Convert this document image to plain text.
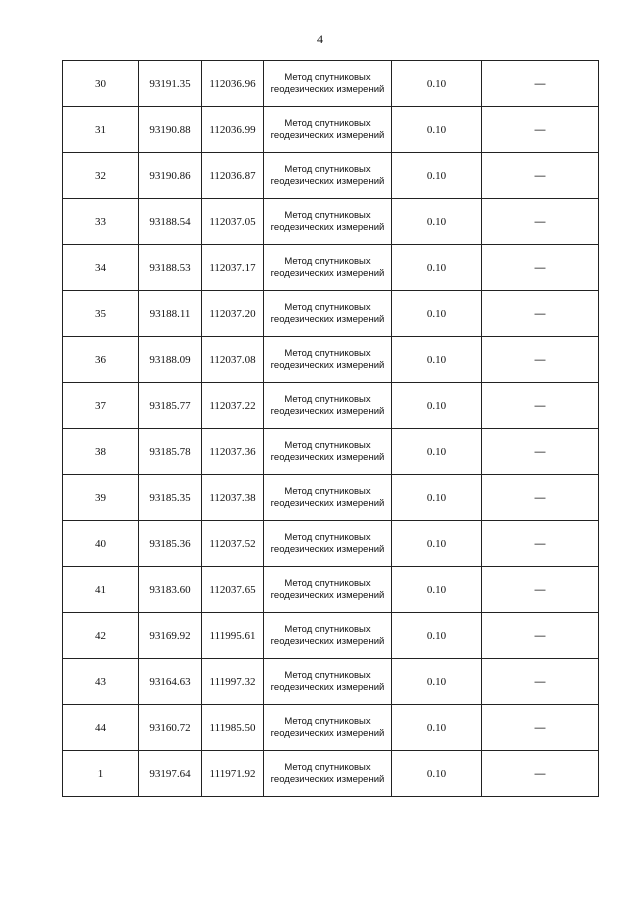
4
30	93191.35	112036.96	Метод спутниковых
геодезических измерений	0.10	—
31	93190.88	112036.99	Метод спутниковых
геодезических измерений	0.10	—
32	93190.86	112036.87	Метод спутниковых
геодезических измерений	0.10	—
33	93188.54	112037.05	Метод спутниковых
геодезических измерений	0.10	—
34	93188.53	112037.17	Метод спутниковых
геодезических измерений	0.10	—
35	93188.11	112037.20	Метод спутниковых
геодезических измерений	0.10	—
36	93188.09	112037.08	Метод спутниковых
геодезических измерений	0.10	—
37	93185.77	112037.22	Метод спутниковых
геодезических измерений	0.10	—
38	93185.78	112037.36	Метод спутниковых
геодезических измерений	0.10	—
39	93185.35	112037.38	Метод спутниковых
геодезических измерений	0.10	—
40	93185.36	112037.52	Метод спутниковых
геодезических измерений	0.10	—
41	93183.60	112037.65	Метод спутниковых
геодезических измерений	0.10	—
42	93169.92	111995.61	Метод спутниковых
геодезических измерений	0.10	—
43	93164.63	111997.32	Метод спутниковых
геодезических измерений	0.10	—
44	93160.72	111985.50	Метод спутниковых
геодезических измерений	0.10	—
1	93197.64	111971.92	Метод спутниковых
геодезических измерений	0.10	—
